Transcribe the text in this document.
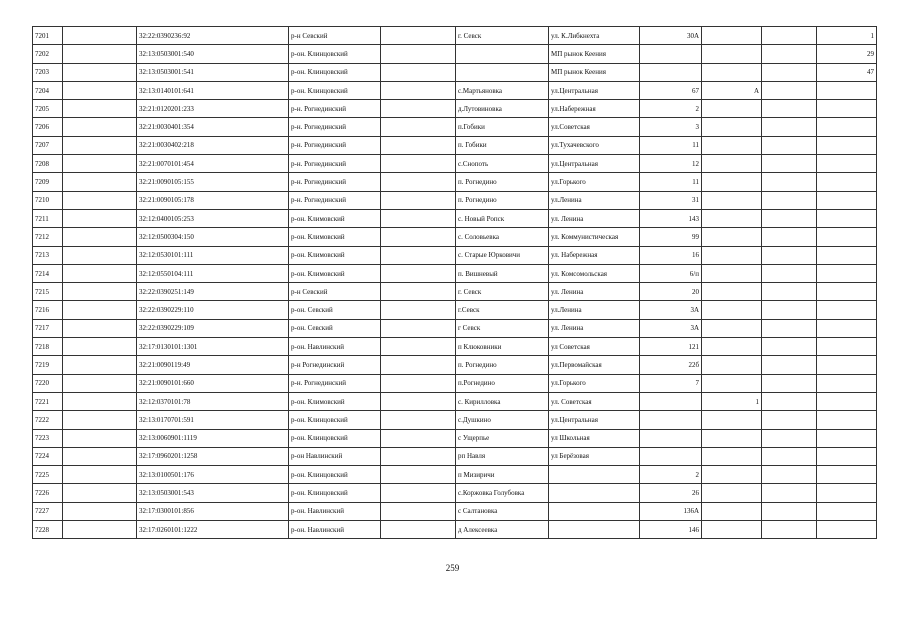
7201		32:22:0390236:92	р-н Севский		г. Севск	ул. К.Либкнехта	30А			1
7202		32:13:0503001:540	р-он. Клинцовский			МП рынок Кеения				29
7203		32:13:0503001:541	р-он. Клинцовский			МП рынок Кеения				47
7204		32:13:0140101:641	р-он. Клинцовский		с.Мартьяновка	ул.Центральная	67	А		
7205		32:21:0120201:233	р-н. Рогнединский		д.Лутовиновка	ул.Набережная	2			
7206		32:21:0030401:354	р-н. Рогнединский		п.Гобики	ул.Советская	3			
7207		32:21:0030402:218	р-н. Рогнединский		п. Гобики	ул.Тухачевского	11			
7208		32:21:0070101:454	р-н. Рогнединский		с.Снопоть	ул.Центральная	12			
7209		32:21:0090105:155	р-н. Рогнединский		п. Рогнедино	ул.Горького	11			
7210		32:21:0090105:178	р-н. Рогнединский		п. Рогнедино	ул.Ленина	31			
7211		32:12:0400105:253	р-он. Климовский		с. Новый Ропск	ул. Ленина	143			
7212		32:12:0500304:150	р-он. Климовский		с. Соловьевка	ул. Коммунистическая	99			
7213		32:12:0530101:111	р-он. Климовский		с. Старые Юрковичи	ул. Набережная	16			
7214		32:12:0550104:111	р-он. Климовский		п. Вишневый	ул. Комсомольская	6/п			
7215		32:22:0390251:149	р-н Севский		г. Севск	ул. Ленина	20			
7216		32:22:0390229:110	р-он. Севский		г.Севск	ул.Ленина	3А			
7217		32:22:0390229:109	р-он. Севский		г Севск	ул. Ленина	3А			
7218		32:17:0130101:1301	р-он. Навлинский		п Клюковники	ул Советская	121			
7219		32:21:0090119:49	р-н Рогнединский		п. Рогнедино	ул.Первомайская	22б			
7220		32:21:0090101:660	р-н. Рогнединский		п.Рогнедино	ул.Горького	7			
7221		32:12:0370101:78	р-он. Климовский		с. Кирилловка	ул. Советская		1		
7222		32:13:0170701:591	р-он. Клинцовский		с.Душкино	ул.Центральная				
7223		32:13:0060901:1119	р-он. Клинцовский		с Ущерпье	ул Школьная				
7224		32:17:0960201:1258	р-он Навлинский		рп Навля	ул Берёзовая				
7225		32:13:0100501:176	р-он. Клинцовский		п Мизиричи		2			
7226		32:13:0503001:543	р-он. Клинцовский		с.Коржовка Голубовка		26			
7227		32:17:0300101:856	р-он. Навлинский		с Салтановка		136А			
7228		32:17:0260101:1222	р-он. Навлинский		д Алексеевка		146			
259
